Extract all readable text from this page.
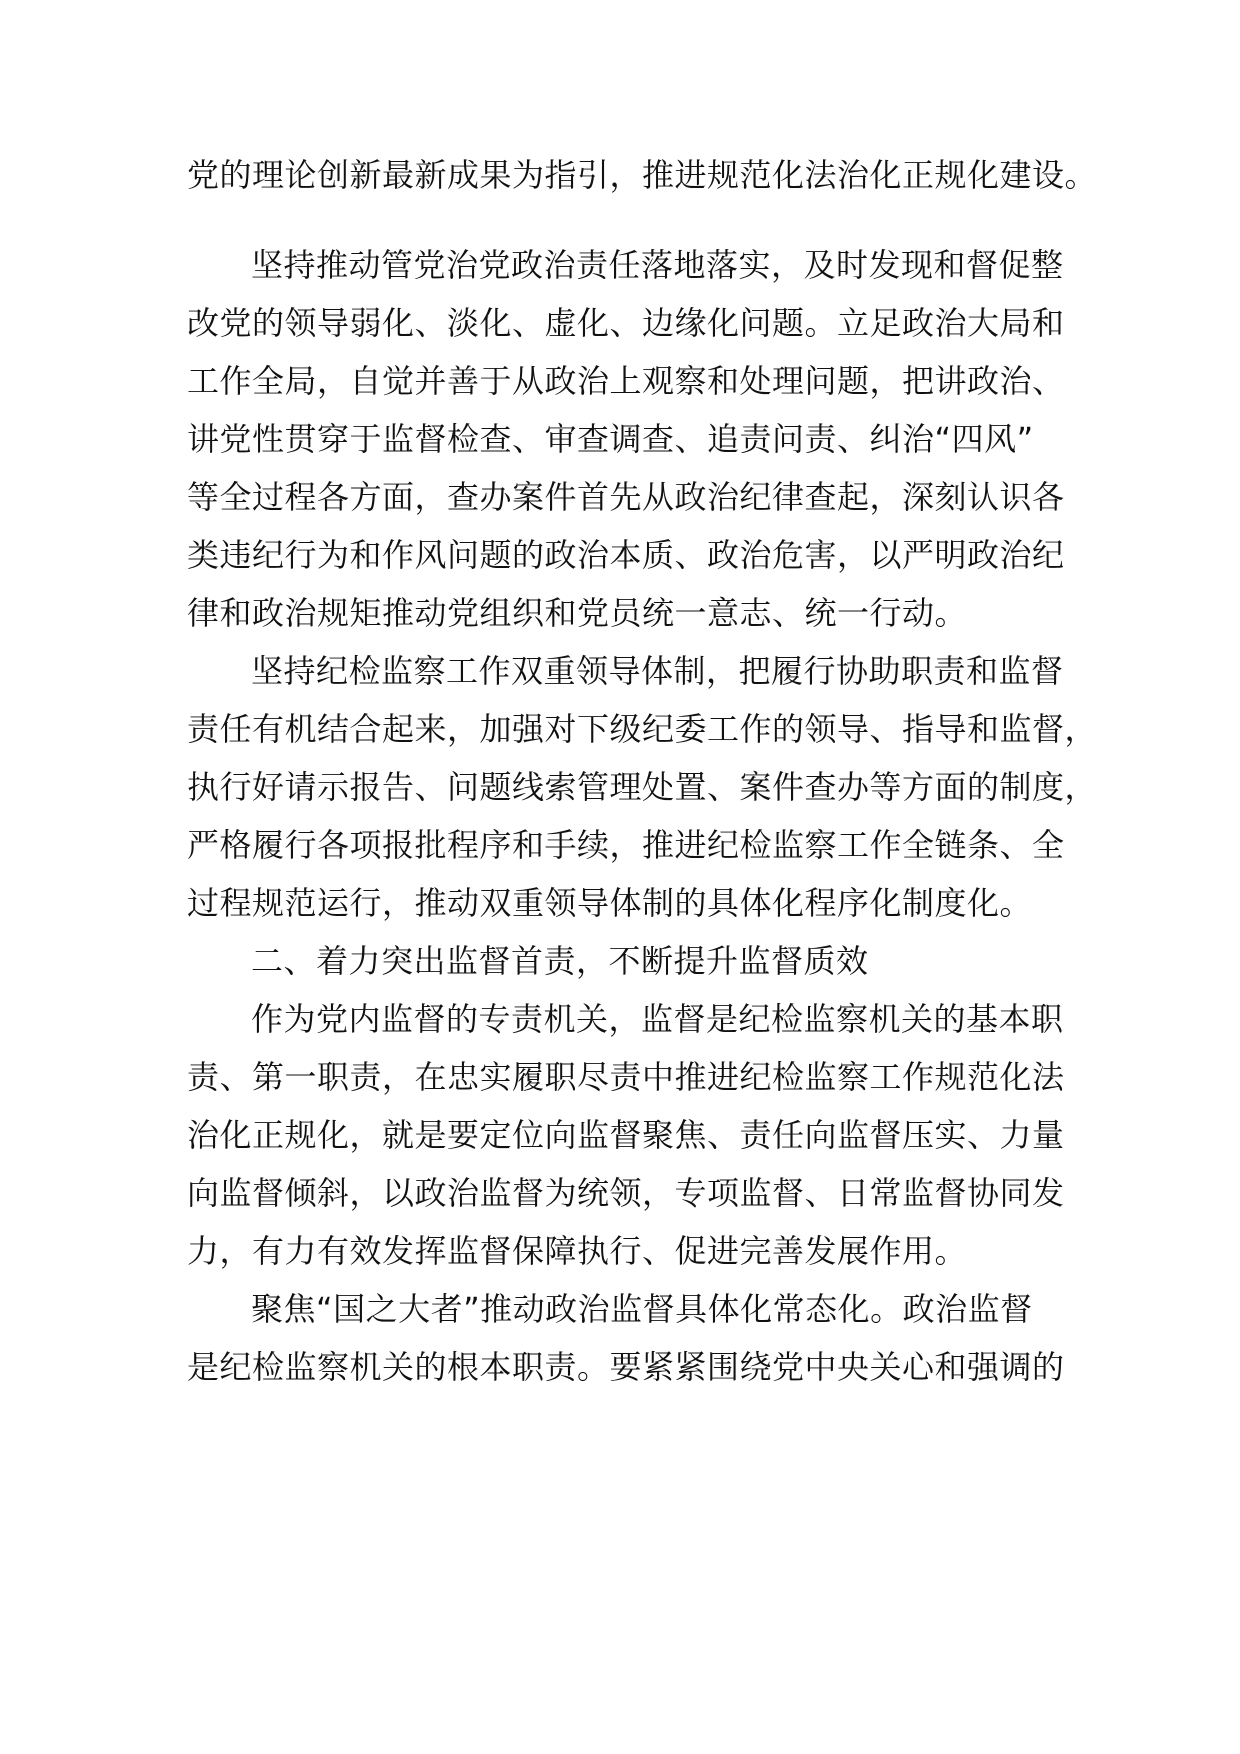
党的理论创新最新成果为指引，推进规范化法治化正规化建设。

坚持推动管党治党政治责任落地落实，及时发现和督促整

改党的领导弱化、淡化、虚化、边缘化问题。立足政治大局和

工作全局，自觉并善于从政治上观察和处理问题，把讲政治、

讲党性贯穿于监督检查、审查调查、追责问责、纠治“四风”

等全过程各方面，查办案件首先从政治纪律查起，深刻认识各

类违纪行为和作风问题的政治本质、政治危害，以严明政治纪

律和政治规矩推动党组织和党员统一意志、统一行动。

坚持纪检监察工作双重领导体制，把履行协助职责和监督

责任有机结合起来，加强对下级纪委工作的领导、指导和监督，

执行好请示报告、问题线索管理处置、案件查办等方面的制度，

严格履行各项报批程序和手续，推进纪检监察工作全链条、全

过程规范运行，推动双重领导体制的具体化程序化制度化。

二、着力突出监督首责，不断提升监督质效

作为党内监督的专责机关，监督是纪检监察机关的基本职

责、第一职责，在忠实履职尽责中推进纪检监察工作规范化法

治化正规化，就是要定位向监督聚焦、责任向监督压实、力量

向监督倾斜，以政治监督为统领，专项监督、日常监督协同发

力，有力有效发挥监督保障执行、促进完善发展作用。

聚焦“国之大者”推动政治监督具体化常态化。政治监督

是纪检监察机关的根本职责。要紧紧围绕党中央关心和强调的
